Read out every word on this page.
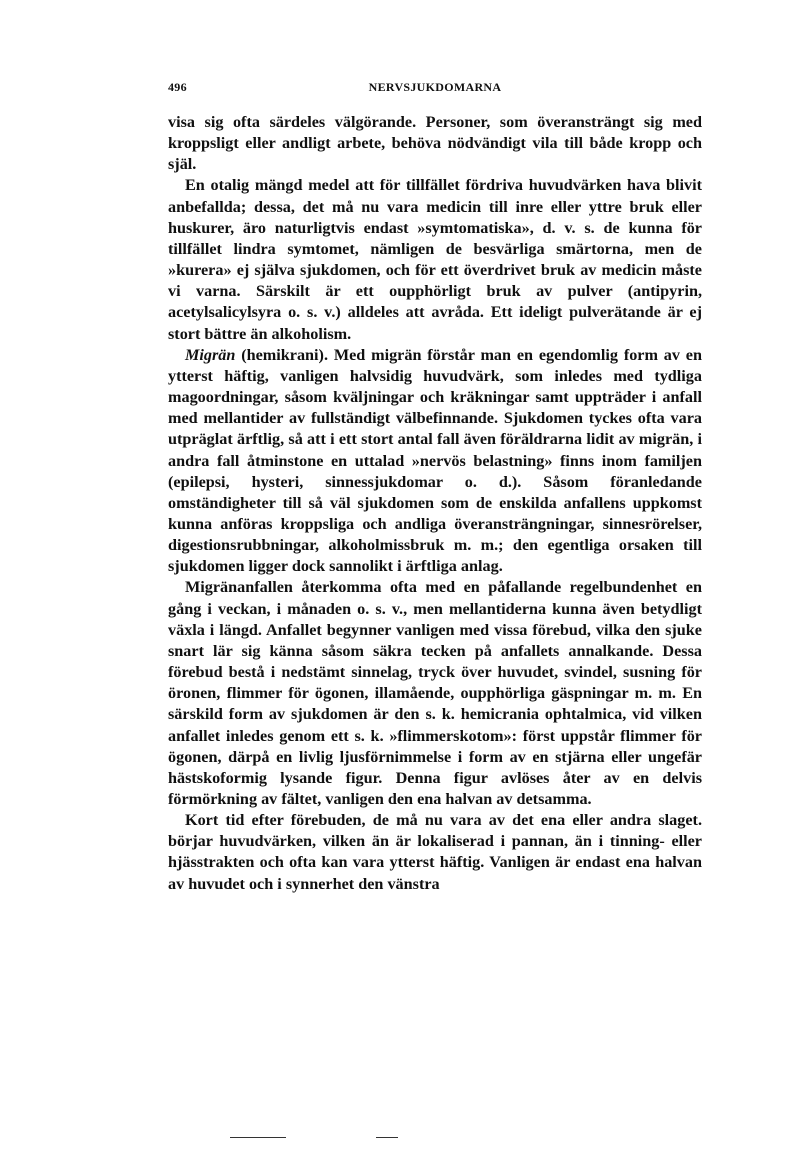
496	NERVSJUKDOMARNA

visa sig ofta särdeles välgörande. Personer, som överansträngt sig med kroppsligt eller andligt arbete, behöva nödvändigt vila till både kropp och själ.

En otalig mängd medel att för tillfället fördriva huvudvärken hava blivit anbefallda; dessa, det må nu vara medicin till inre eller yttre bruk eller huskurer, äro naturligtvis endast »symtomatiska», d. v. s. de kunna för tillfället lindra symtomet, nämligen de besvärliga smärtorna, men de »kurera» ej själva sjukdomen, och för ett överdrivet bruk av medicin måste vi varna. Särskilt är ett oupphörligt bruk av pulver (antipyrin, acetylsalicylsyra o. s. v.) alldeles att avråda. Ett ideligt pulverätande är ej stort bättre än alkoholism.

Migrän (hemikrani). Med migrän förstår man en egendomlig form av en ytterst häftig, vanligen halvsidig huvudvärk, som inledes med tydliga magoordningar, såsom kväljningar och kräkningar samt uppträder i anfall med mellantider av fullständigt välbefinnande. Sjukdomen tyckes ofta vara utpräglat ärftlig, så att i ett stort antal fall även föräldrarna lidit av migrän, i andra fall åtminstone en uttalad »nervös belastning» finns inom familjen (epilepsi, hysteri, sinnessjukdomar o. d.). Såsom föranledande omständigheter till så väl sjukdomen som de enskilda anfallens uppkomst kunna anföras kroppsliga och andliga överansträngningar, sinnesrörelser, digestionsrubbningar, alkoholmissbruk m. m.; den egentliga orsaken till sjukdomen ligger dock sannolikt i ärftliga anlag.

Migränanfallen återkomma ofta med en påfallande regelbundenhet en gång i veckan, i månaden o. s. v., men mellantiderna kunna även betydligt växla i längd. Anfallet begynner vanligen med vissa förebud, vilka den sjuke snart lär sig känna såsom säkra tecken på anfallets annalkande. Dessa förebud bestå i nedstämt sinnelag, tryck över huvudet, svindel, susning för öronen, flimmer för ögonen, illamående, oupphörliga gäspningar m. m. En särskild form av sjukdomen är den s. k. hemicrania ophtalmica, vid vilken anfallet inledes genom ett s. k. »flimmerskotom»: först uppstår flimmer för ögonen, därpå en livlig ljusförnimmelse i form av en stjärna eller ungefär hästskoformig lysande figur. Denna figur avlöses åter av en delvis förmörkning av fältet, vanligen den ena halvan av detsamma.

Kort tid efter förebuden, de må nu vara av det ena eller andra slaget. börjar huvudvärken, vilken än är lokaliserad i pannan, än i tinning- eller hjässtrakten och ofta kan vara ytterst häftig. Vanligen är endast ena halvan av huvudet och i synnerhet den vänstra
